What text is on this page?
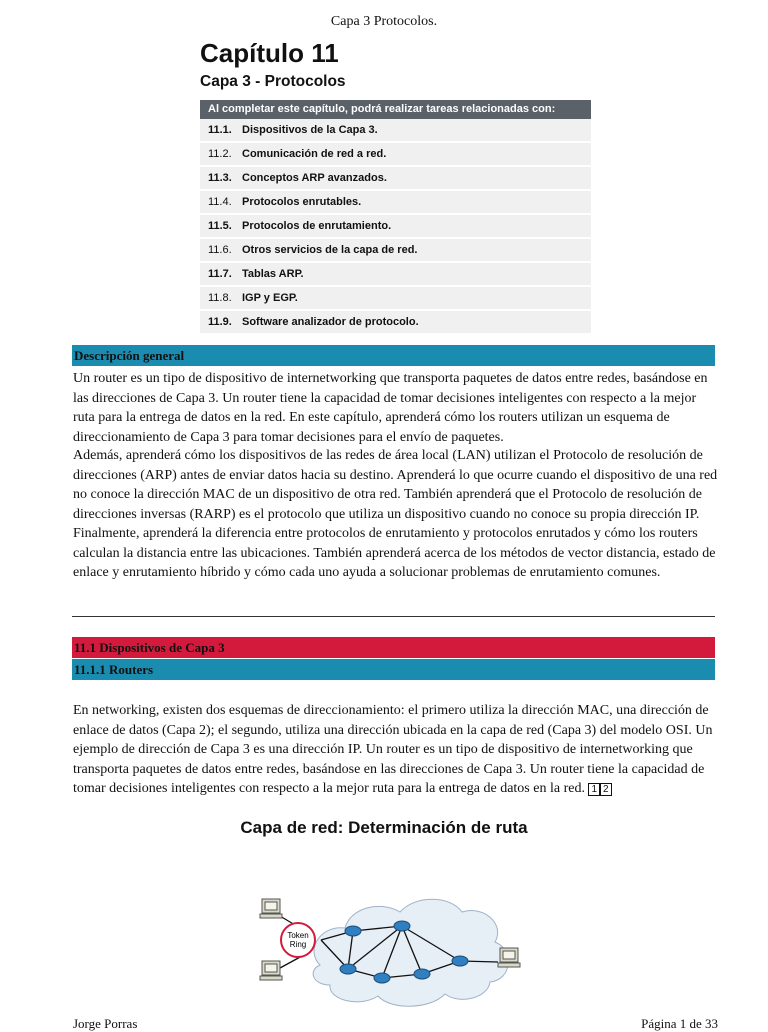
Capa 3 Protocolos.
Capítulo 11
Capa 3 - Protocolos
Al completar este capítulo, podrá realizar tareas relacionadas con:
11.1. Dispositivos de la Capa 3.
11.2. Comunicación de red a red.
11.3. Conceptos ARP avanzados.
11.4. Protocolos enrutables.
11.5. Protocolos de enrutamiento.
11.6. Otros servicios de la capa de red.
11.7. Tablas ARP.
11.8. IGP y EGP.
11.9. Software analizador de protocolo.
Descripción general

Un router es un tipo de dispositivo de internetworking que transporta paquetes de datos entre redes, basándose en las direcciones de Capa 3. Un router tiene la capacidad de tomar decisiones inteligentes con respecto a la mejor ruta para la entrega de datos en la red. En este capítulo, aprenderá cómo los routers utilizan un esquema de direccionamiento de Capa 3 para tomar decisiones para el envío de paquetes.

Además, aprenderá cómo los dispositivos de las redes de área local (LAN) utilizan el Protocolo de resolución de direcciones (ARP) antes de enviar datos hacia su destino. Aprenderá lo que ocurre cuando el dispositivo de una red no conoce la dirección MAC de un dispositivo de otra red. También aprenderá que el Protocolo de resolución de direcciones inversas (RARP) es el protocolo que utiliza un dispositivo cuando no conoce su propia dirección IP. Finalmente, aprenderá la diferencia entre protocolos de enrutamiento y protocolos enrutados y cómo los routers calculan la distancia entre las ubicaciones. También aprenderá acerca de los métodos de vector distancia, estado de enlace y enrutamiento híbrido y cómo cada uno ayuda a solucionar problemas de enrutamiento comunes.

11.1 Dispositivos de Capa 3
11.1.1 Routers

En networking, existen dos esquemas de direccionamiento: el primero utiliza la dirección MAC, una dirección de enlace de datos (Capa 2); el segundo, utiliza una dirección ubicada en la capa de red (Capa 3) del modelo OSI. Un ejemplo de dirección de Capa 3 es una dirección IP. Un router es un tipo de dispositivo de internetworking que transporta paquetes de datos entre redes, basándose en las direcciones de Capa 3. Un router tiene la capacidad de tomar decisiones inteligentes con respecto a la mejor ruta para la entrega de datos en la red. 1 2

Capa de red: Determinación de ruta
Token
Ring
Jorge Porras	Página 1 de 33
